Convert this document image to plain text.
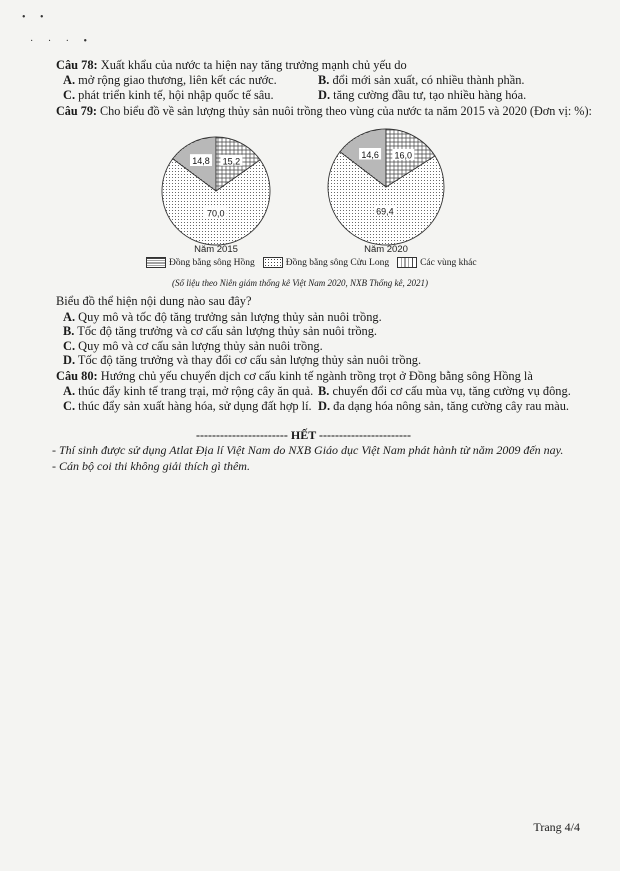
• •
· · · •
Câu 78: Xuất khẩu của nước ta hiện nay tăng trưởng mạnh chủ yếu do
A. mở rộng giao thương, liên kết các nước.	B. đổi mới sản xuất, có nhiều thành phần.
C. phát triển kinh tế, hội nhập quốc tế sâu.	D. tăng cường đầu tư, tạo nhiều hàng hóa.
Câu 79: Cho biểu đồ về sản lượng thủy sản nuôi trồng theo vùng của nước ta năm 2015 và 2020 (Đơn vị: %):
14,8
70,0
15,2
14,6
69,4
16,0
Năm 2015	Năm 2020
Đồng bằng sông Hồng	Đồng bằng sông Cửu Long	Các vùng khác
(Số liệu theo Niên giám thống kê Việt Nam 2020, NXB Thống kê, 2021)
Biểu đồ thể hiện nội dung nào sau đây?
A. Quy mô và tốc độ tăng trưởng sản lượng thủy sản nuôi trồng.
B. Tốc độ tăng trưởng và cơ cấu sản lượng thủy sản nuôi trồng.
C. Quy mô và cơ cấu sản lượng thủy sản nuôi trồng.
D. Tốc độ tăng trưởng và thay đổi cơ cấu sản lượng thủy sản nuôi trồng.
Câu 80: Hướng chủ yếu chuyển dịch cơ cấu kinh tế ngành trồng trọt ở Đồng bằng sông Hồng là
A. thúc đẩy kinh tế trang trại, mở rộng cây ăn quả. B. chuyển đổi cơ cấu mùa vụ, tăng cường vụ đông.
C. thúc đẩy sản xuất hàng hóa, sử dụng đất hợp lí. D. đa dạng hóa nông sản, tăng cường cây rau màu.
----------------------- HẾT -----------------------
- Thí sinh được sử dụng Atlat Địa lí Việt Nam do NXB Giáo dục Việt Nam phát hành từ năm 2009 đến nay.
- Cán bộ coi thi không giải thích gì thêm.
Trang 4/4
